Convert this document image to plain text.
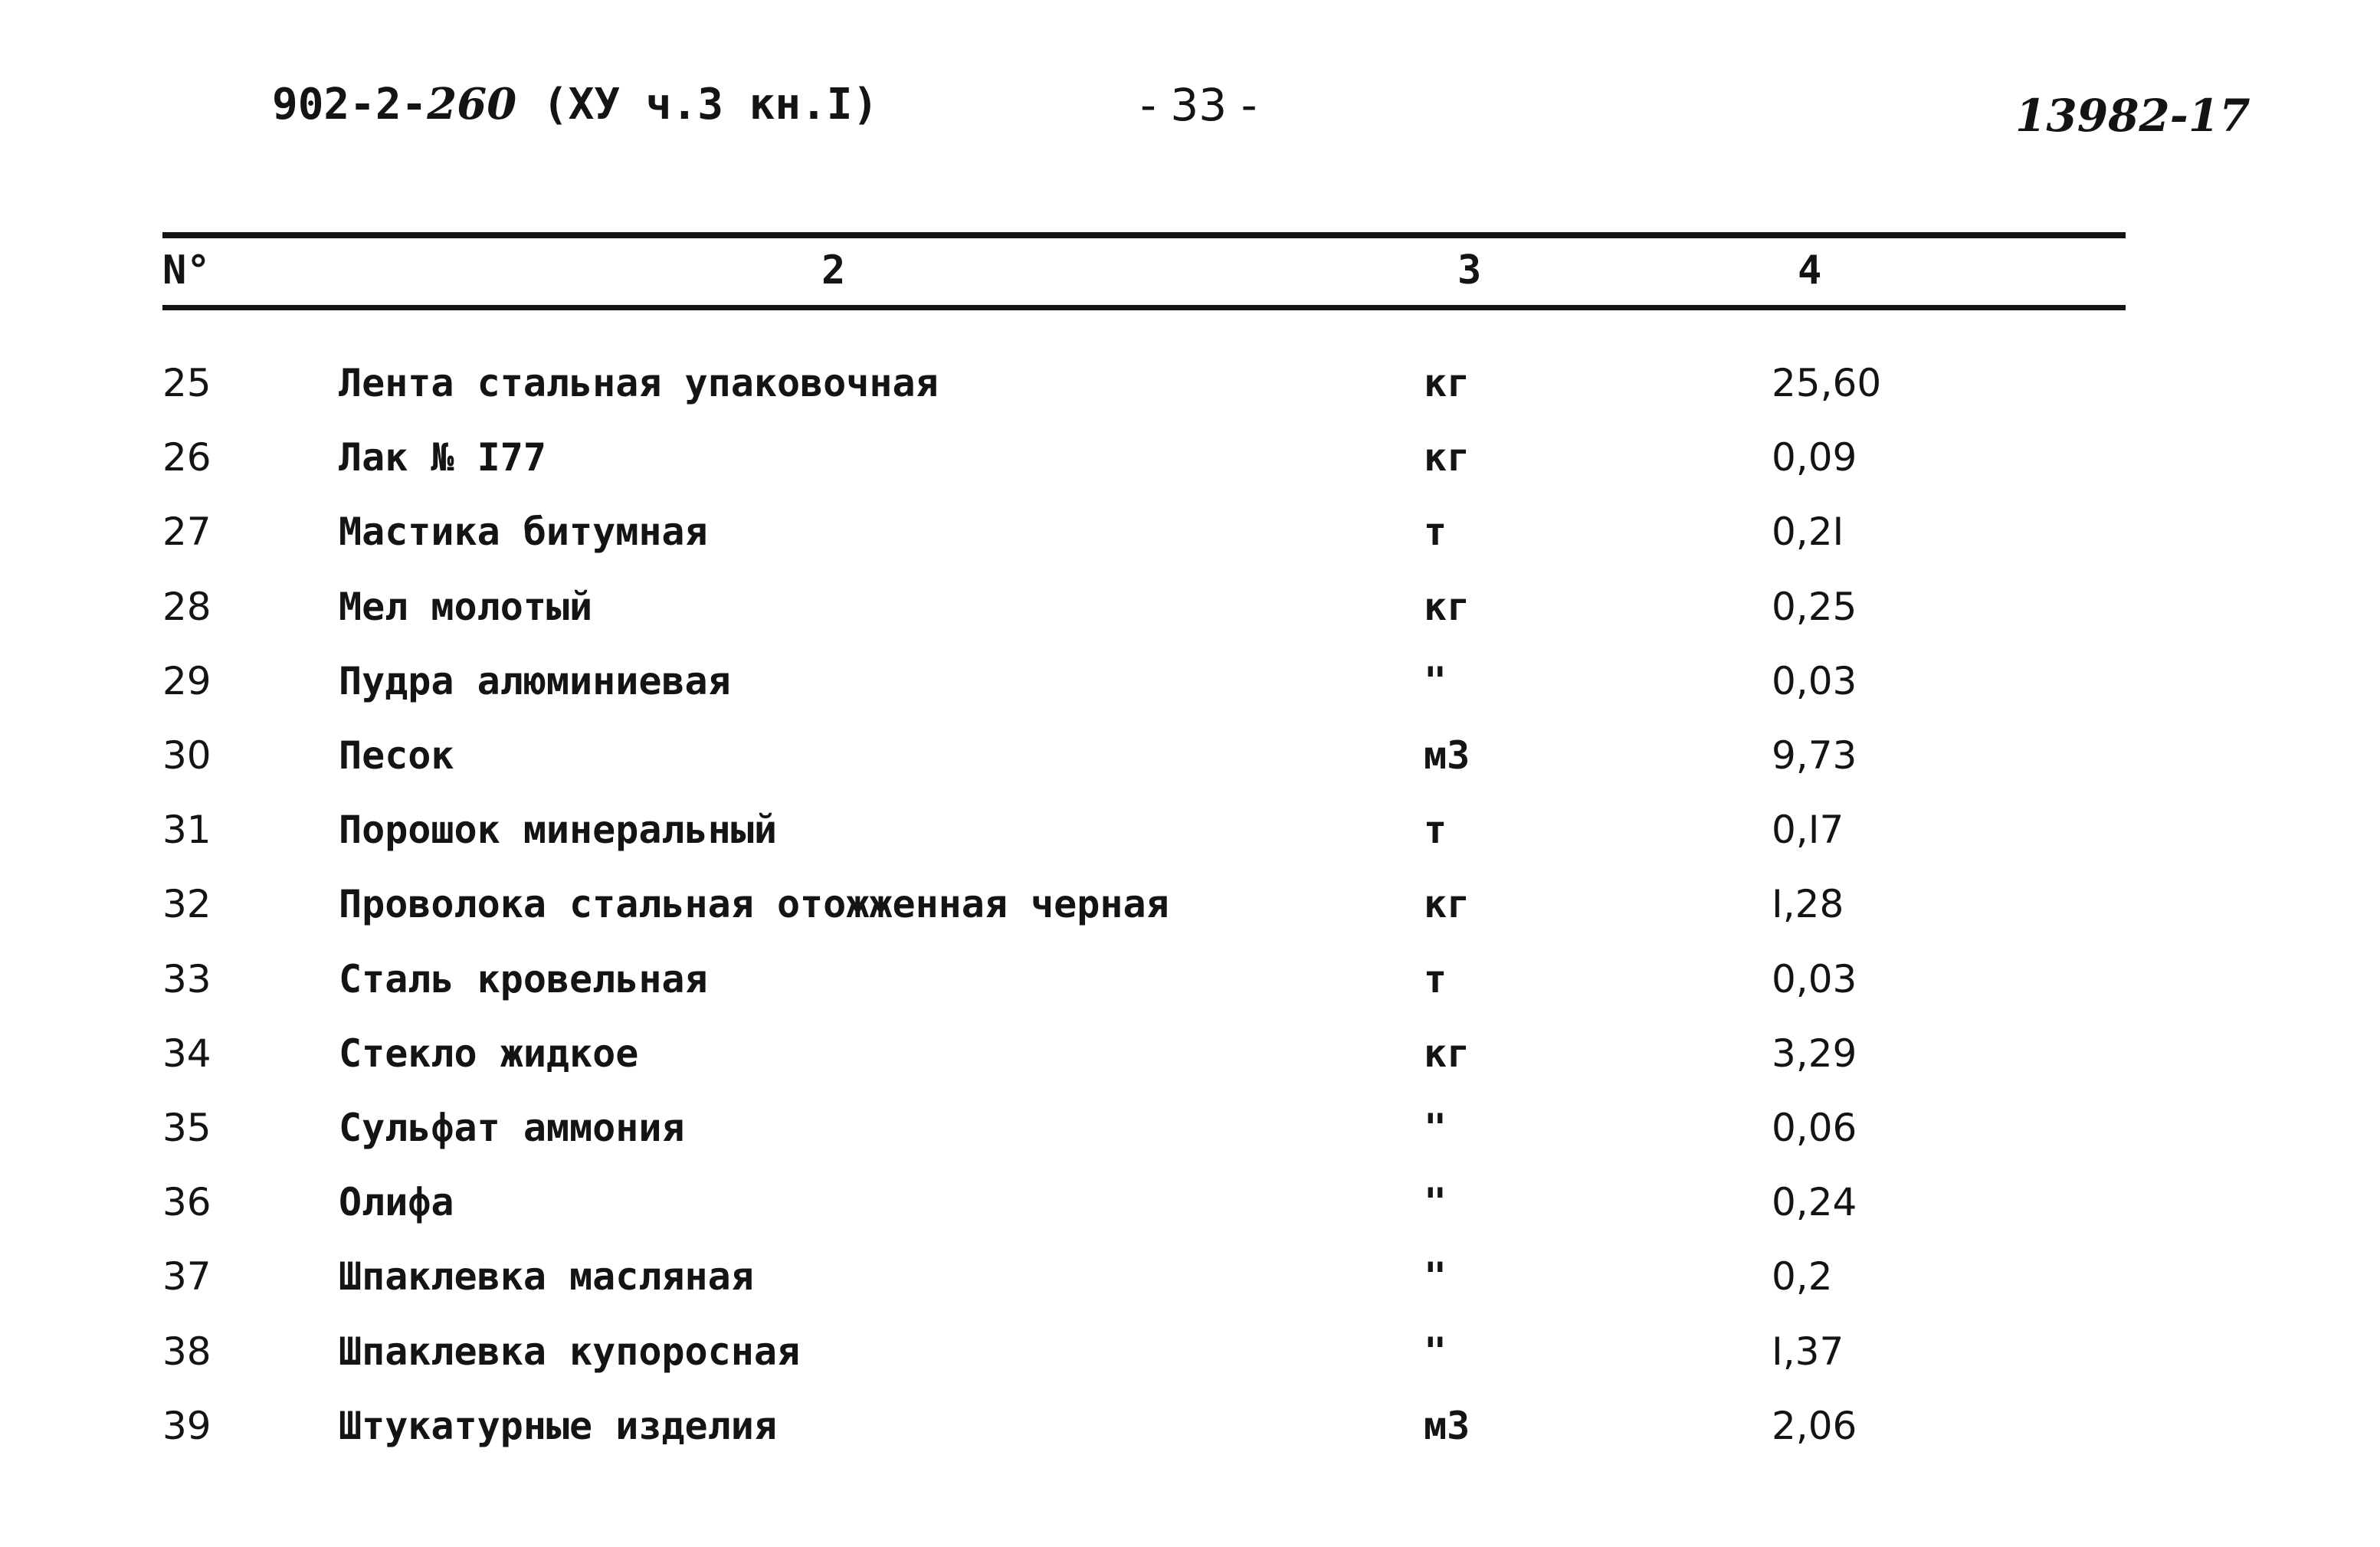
902-2-260 (XУ ч.3 кн.I)	- 33 -	13982-17
N°	2	3	4
25	Лента стальная упаковочная	кг	25,60
26	Лак № I77	кг	0,09
27	Мастика битумная	т	0,2I
28	Мел молотый	кг	0,25
29	Пудра алюминиевая	"	0,03
30	Песок	м3	9,73
31	Порошок минеральный	т	0,I7
32	Проволока стальная отожженная черная	кг	I,28
33	Сталь кровельная	т	0,03
34	Стекло жидкое	кг	3,29
35	Сульфат аммония	"	0,06
36	Олифа	"	0,24
37	Шпаклевка масляная	"	0,2
38	Шпаклевка купоросная	"	I,37
39	Штукатурные изделия	м3	2,06
